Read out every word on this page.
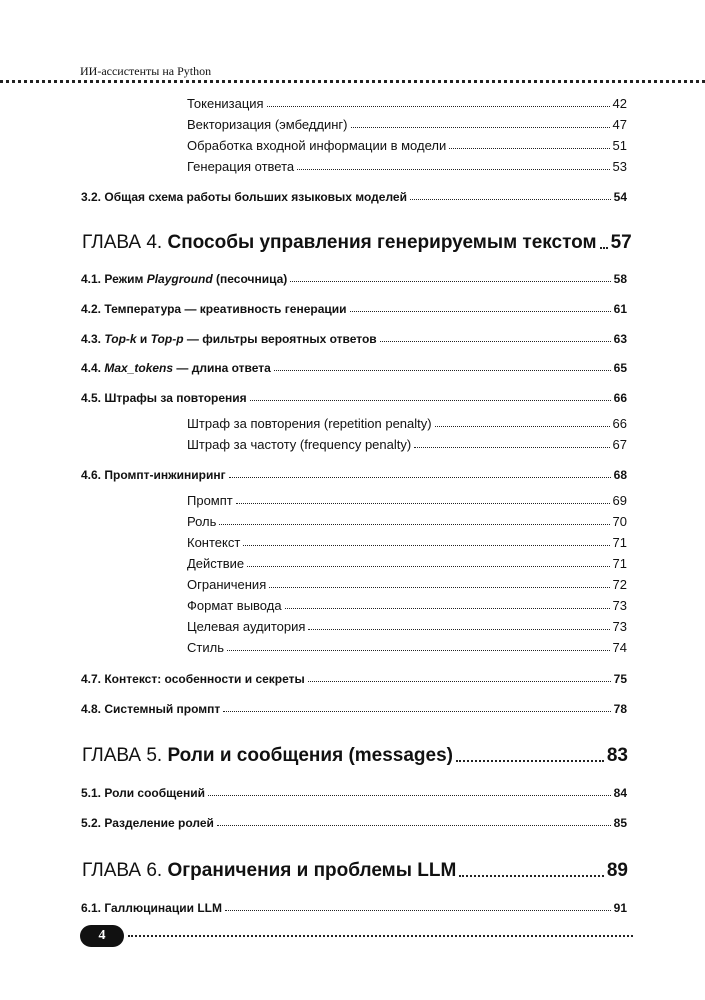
ИИ-ассистенты на Python
Токенизация	42
Векторизация (эмбеддинг)	47
Обработка входной информации в модели	51
Генерация ответа	53
3.2. Общая схема работы больших языковых моделей	54
ГЛАВА 4. Способы управления генерируемым текстом 57
4.1. Режим Playground (песочница)	58
4.2. Температура — креативность генерации	61
4.3. Top-k и Top-p — фильтры вероятных ответов	63
4.4. Max_tokens — длина ответа	65
4.5. Штрафы за повторения	66
Штраф за повторения (repetition penalty)	66
Штраф за частоту (frequency penalty)	67
4.6. Промпт-инжиниринг	68
Промпт	69
Роль	70
Контекст	71
Действие	71
Ограничения	72
Формат вывода	73
Целевая аудитория	73
Стиль	74
4.7. Контекст: особенности и секреты	75
4.8. Системный промпт	78
ГЛАВА 5. Роли и сообщения (messages)	83
5.1. Роли сообщений	84
5.2. Разделение ролей	85
ГЛАВА 6. Ограничения и проблемы LLM	89
6.1. Галлюцинации LLM	91
4
